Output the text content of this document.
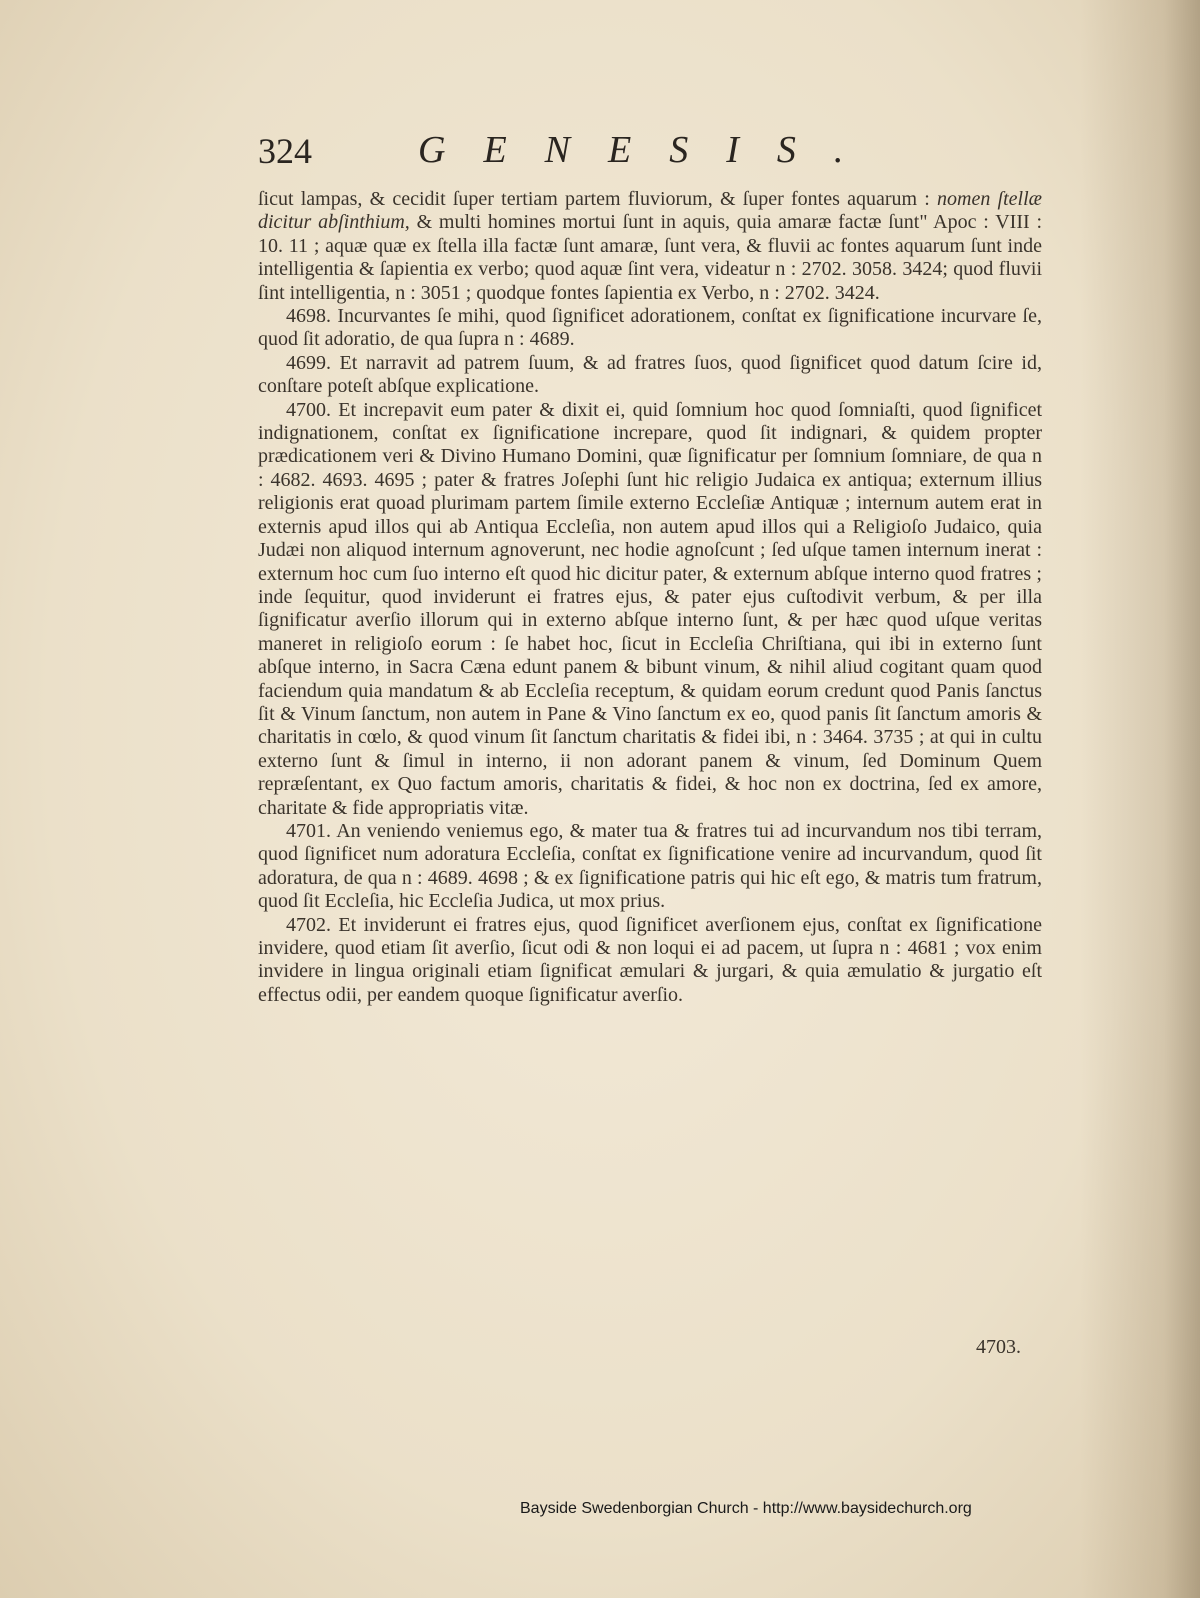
324	GENESIS.

ſicut lampas, & cecidit ſuper tertiam partem fluviorum, & ſuper fontes aquarum : nomen ſtellæ dicitur abſinthium, & multi homines mortui ſunt in aquis, quia amaræ factæ ſunt" Apoc : VIII : 10. 11 ; aquæ quæ ex ſtella illa factæ ſunt amaræ, ſunt vera, & fluvii ac fontes aquarum ſunt inde intelligentia & ſapientia ex verbo; quod aquæ ſint vera, videatur n : 2702. 3058. 3424; quod fluvii ſint intelligentia, n : 3051 ; quodque fontes ſapientia ex Verbo, n : 2702. 3424.

4698. Incurvantes ſe mihi, quod ſignificet adorationem, conſtat ex ſignificatione incurvare ſe, quod ſit adoratio, de qua ſupra n : 4689.

4699. Et narravit ad patrem ſuum, & ad fratres ſuos, quod ſignificet quod datum ſcire id, conſtare poteſt abſque explicatione.

4700. Et increpavit eum pater & dixit ei, quid ſomnium hoc quod ſomniaſti, quod ſignificet indignationem, conſtat ex ſignificatione increpare, quod ſit indignari, & quidem propter prædicationem veri & Divino Humano Domini, quæ ſignificatur per ſomnium ſomniare, de qua n : 4682. 4693. 4695 ; pater & fratres Joſephi ſunt hic religio Judaica ex antiqua; externum illius religionis erat quoad plurimam partem ſimile externo Eccleſiæ Antiquæ ; internum autem erat in externis apud illos qui ab Antiqua Eccleſia, non autem apud illos qui a Religioſo Judaico, quia Judæi non aliquod internum agnoverunt, nec hodie agnoſcunt ; ſed uſque tamen internum inerat : externum hoc cum ſuo interno eſt quod hic dicitur pater, & externum abſque interno quod fratres ; inde ſequitur, quod inviderunt ei fratres ejus, & pater ejus cuſtodivit verbum, & per illa ſignificatur averſio illorum qui in externo abſque interno ſunt, & per hæc quod uſque veritas maneret in religioſo eorum : ſe habet hoc, ſicut in Eccleſia Chriſtiana, qui ibi in externo ſunt abſque interno, in Sacra Cæna edunt panem & bibunt vinum, & nihil aliud cogitant quam quod faciendum quia mandatum & ab Eccleſia receptum, & quidam eorum credunt quod Panis ſanctus ſit & Vinum ſanctum, non autem in Pane & Vino ſanctum ex eo, quod panis ſit ſanctum amoris & charitatis in cœlo, & quod vinum ſit ſanctum charitatis & fidei ibi, n : 3464. 3735 ; at qui in cultu externo ſunt & ſimul in interno, ii non adorant panem & vinum, ſed Dominum Quem repræſentant, ex Quo factum amoris, charitatis & fidei, & hoc non ex doctrina, ſed ex amore, charitate & fide appropriatis vitæ.

4701. An veniendo veniemus ego, & mater tua & fratres tui ad incurvandum nos tibi terram, quod ſignificet num adoratura Eccleſia, conſtat ex ſignificatione venire ad incurvandum, quod ſit adoratura, de qua n : 4689. 4698 ; & ex ſignificatione patris qui hic eſt ego, & matris tum fratrum, quod ſit Eccleſia, hic Eccleſia Judica, ut mox prius.

4702. Et inviderunt ei fratres ejus, quod ſignificet averſionem ejus, conſtat ex ſignificatione invidere, quod etiam ſit averſio, ſicut odi & non loqui ei ad pacem, ut ſupra n : 4681 ; vox enim invidere in lingua originali etiam ſignificat æmulari & jurgari, & quia æmulatio & jurgatio eſt effectus odii, per eandem quoque ſignificatur averſio.

4703.
Bayside Swedenborgian Church - http://www.baysidechurch.org
